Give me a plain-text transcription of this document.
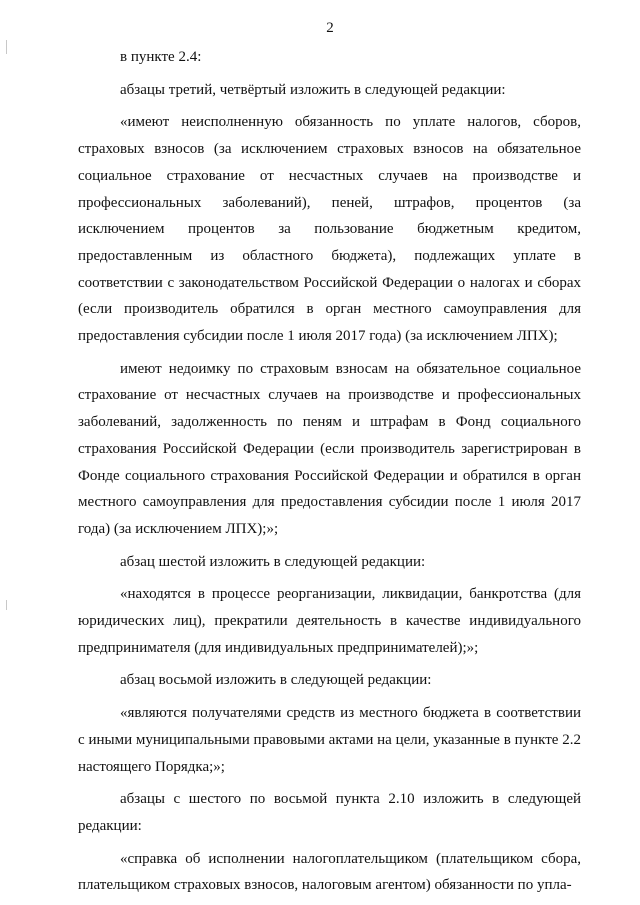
2

в пункте 2.4:

абзацы третий, четвёртый изложить в следующей редакции:

«имеют неисполненную обязанность по уплате налогов, сборов, страховых взносов (за исключением страховых взносов на обязательное социальное страхование от несчастных случаев на производстве и профессиональных заболеваний), пеней, штрафов, процентов (за исключением процентов за пользование бюджетным кредитом, предоставленным из областного бюджета), подлежащих уплате в соответствии с законодательством Российской Федерации о налогах и сборах (если производитель обратился в орган местного самоуправления для предоставления субсидии после 1 июля 2017 года) (за исключением ЛПХ);

имеют недоимку по страховым взносам на обязательное социальное страхование от несчастных случаев на производстве и профессиональных заболеваний, задолженность по пеням и штрафам в Фонд социального страхования Российской Федерации (если производитель зарегистрирован в Фонде социального страхования Российской Федерации и обратился в орган местного самоуправления для предоставления субсидии после 1 июля 2017 года) (за исключением ЛПХ);»;

абзац шестой изложить в следующей редакции:

«находятся в процессе реорганизации, ликвидации, банкротства (для юридических лиц), прекратили деятельность в качестве индивидуального предпринимателя (для индивидуальных предпринимателей);»;

абзац восьмой изложить в следующей редакции:

«являются получателями средств из местного бюджета в соответствии с иными муниципальными правовыми актами на цели, указанные в пункте 2.2 настоящего Порядка;»;

абзацы с шестого по восьмой пункта 2.10 изложить в следующей редакции:

«справка об исполнении налогоплательщиком (плательщиком сбора, плательщиком страховых взносов, налоговым агентом) обязанности по упла-
